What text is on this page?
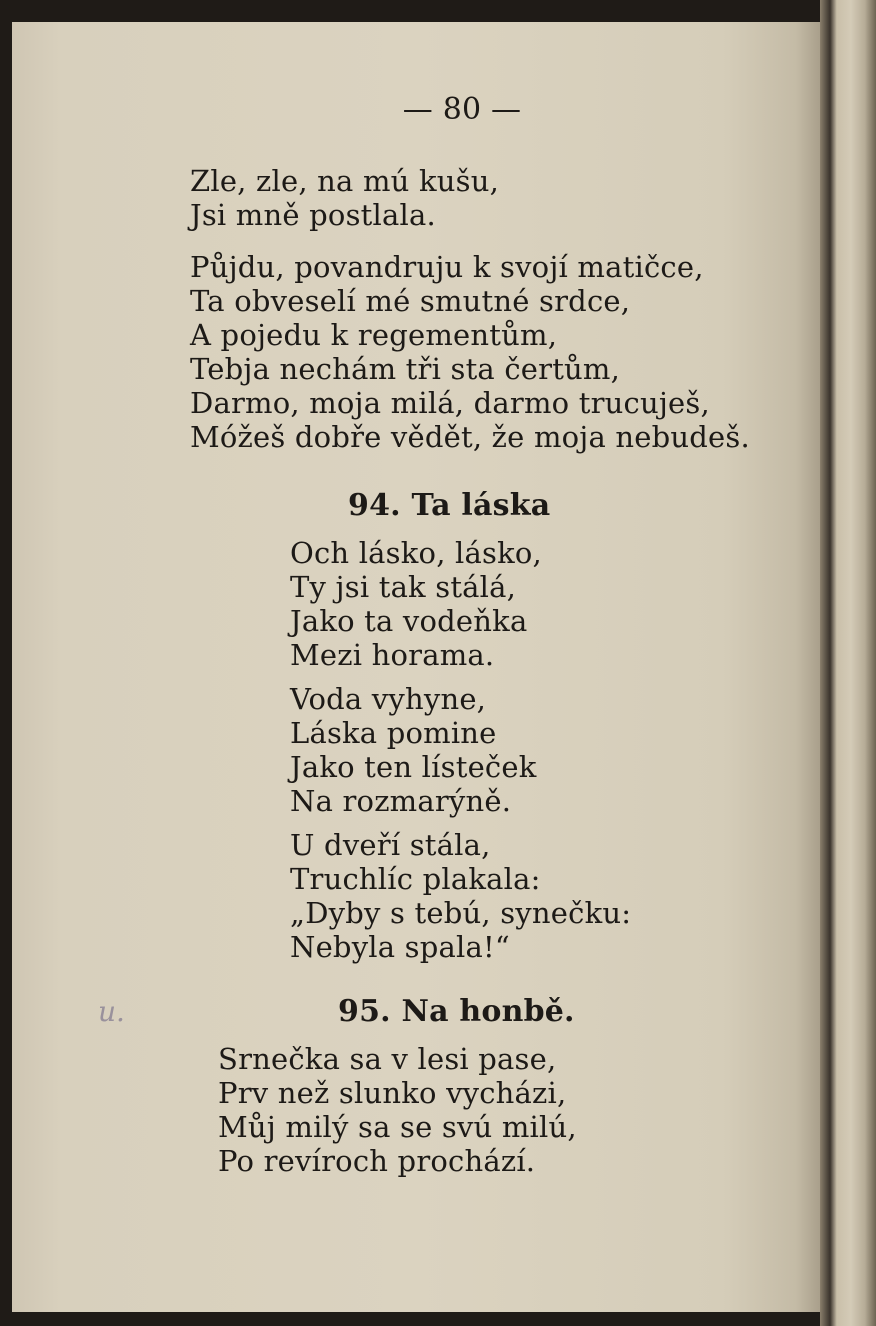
— 80 —
Zle, zle, na mú kušu,
Jsi mně postlala.
Půjdu, povandruju k svojí matičce,
Ta obveselí mé smutné srdce,
A pojedu k regementům,
Tebja nechám tři sta čertům,
Darmo, moja milá, darmo trucuješ,
Móžeš dobře vědět, že moja nebudeš.
94. Ta láska
Och lásko, lásko,
Ty jsi tak stálá,
Jako ta vodeňka
Mezi horama.
Voda vyhyne,
Láska pomine
Jako ten lísteček
Na rozmarýně.
U dveří stála,
Truchlíc plakala:
„Dyby s tebú, synečku:
Nebyla spala!“
u.	95. Na honbě.
Srnečka sa v lesi pase,
Prv než slunko vycházi,
Můj milý sa se svú milú,
Po revíroch prochází.
